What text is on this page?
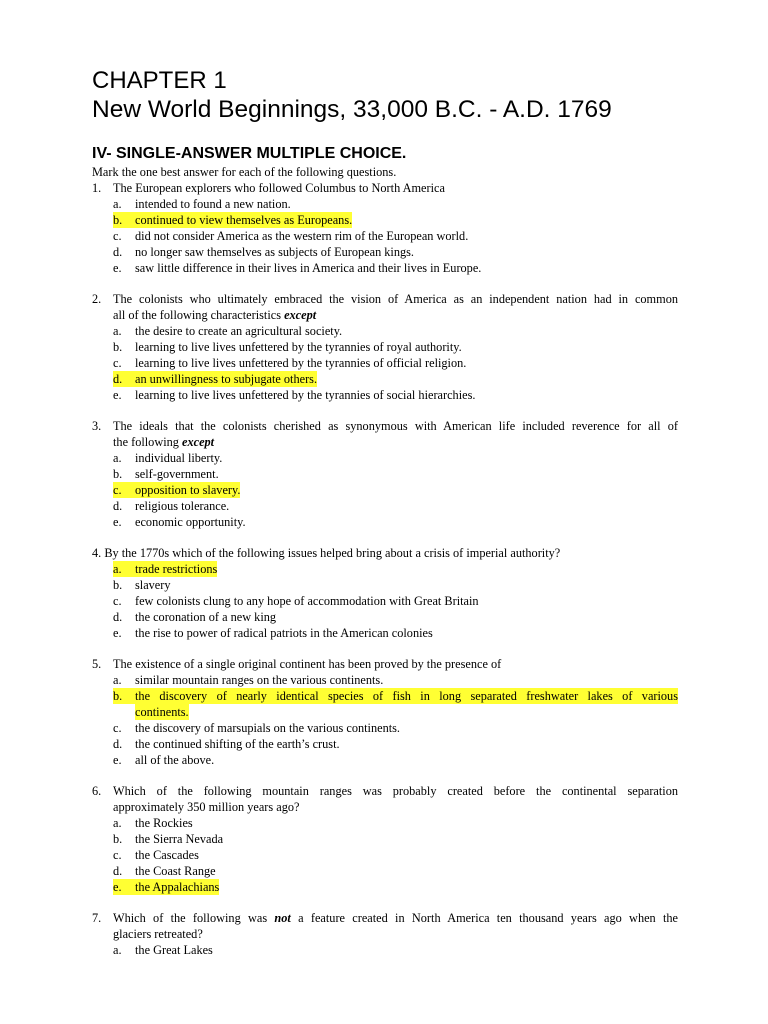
CHAPTER 1
New World Beginnings, 33,000 B.C. - A.D. 1769
IV- SINGLE-ANSWER MULTIPLE CHOICE.
Mark the one best answer for each of the following questions.
1. The European explorers who followed Columbus to North America
a. intended to found a new nation.
b.	continued to view themselves as Europeans.
c. did not consider America as the western rim of the European world.
d. no longer saw themselves as subjects of European kings.
e. saw little difference in their lives in America and their lives in Europe.
2. The colonists who ultimately embraced the vision of America as an independent nation had in common
all of the following characteristics except
a. the desire to create an agricultural society.
b. learning to live lives unfettered by the tyrannies of royal authority.
c. learning to live lives unfettered by the tyrannies of official religion.
d.	an unwillingness to subjugate others.
e. learning to live lives unfettered by the tyrannies of social hierarchies.
3. The ideals that the colonists cherished as synonymous with American life included reverence for all of
the following except
a. individual liberty.
b. self-government.
c.	opposition to slavery.
d. religious tolerance.
e. economic opportunity.
4. By the 1770s which of the following issues helped bring about a crisis of imperial authority?
a.	trade restrictions
b. slavery
c. few colonists clung to any hope of accommodation with Great Britain
d. the coronation of a new king
e. the rise to power of radical patriots in the American colonies
5. The existence of a single original continent has been proved by the presence of
a. similar mountain ranges on the various continents.
b.	the discovery of nearly identical species of fish in long separated freshwater lakes of various
continents.
c. the discovery of marsupials on the various continents.
d. the continued shifting of the earth’s crust.
e. all of the above.
6. Which of the following mountain ranges was probably created before the continental separation
approximately 350 million years ago?
a. the Rockies
b. the Sierra Nevada
c. the Cascades
d. the Coast Range
e.	the Appalachians
7. Which of the following was not a feature created in North America ten thousand years ago when the
glaciers retreated?
a. the Great Lakes
